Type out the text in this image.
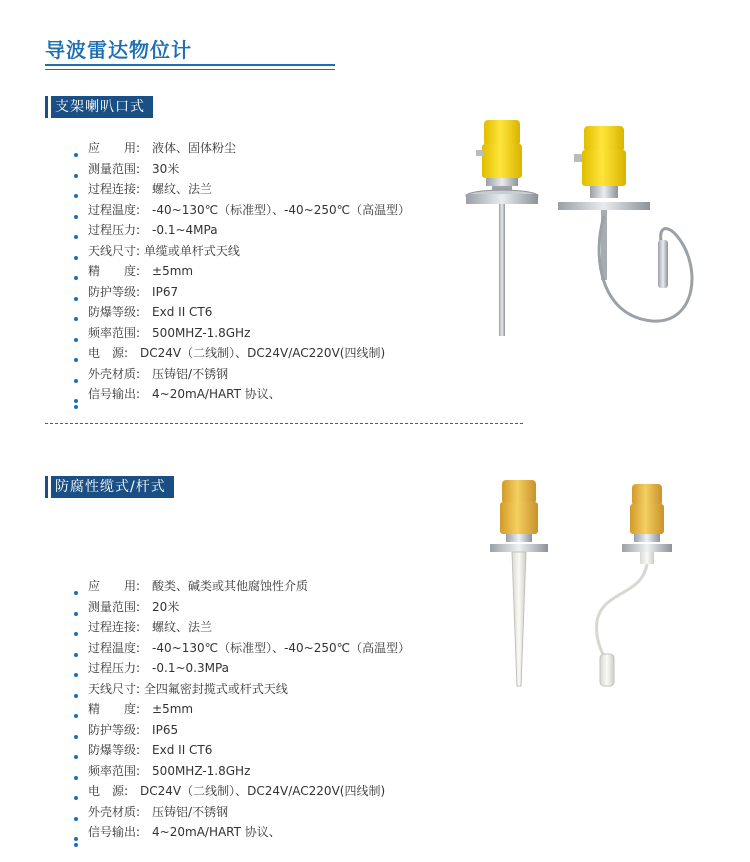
导波雷达物位计
支架喇叭口式
应　　用:　液体、固体粉尘
测量范围:　30米
过程连接:　螺纹、法兰
过程温度:　-40~130℃（标准型）、-40~250℃（高温型）
过程压力:　-0.1~4MPa
天线尺寸: 单缆或单杆式天线
精　　度:　±5mm
防护等级:　IP67
防爆等级:　Exd II CT6
频率范围:　500MHZ-1.8GHz
电　源:　DC24V（二线制）、DC24V/AC220V(四线制)
外壳材质:　压铸铝/不锈钢
信号输出:　4~20mA/HART 协议、
防腐性缆式/杆式
应　　用:　酸类、碱类或其他腐蚀性介质
测量范围:　20米
过程连接:　螺纹、法兰
过程温度:　-40~130℃（标准型）、-40~250℃（高温型）
过程压力:　-0.1~0.3MPa
天线尺寸: 全四氟密封揽式或杆式天线
精　　度:　±5mm
防护等级:　IP65
防爆等级:　Exd II CT6
频率范围:　500MHZ-1.8GHz
电　源:　DC24V（二线制）、DC24V/AC220V(四线制)
外壳材质:　压铸铝/不锈钢
信号输出:　4~20mA/HART 协议、
